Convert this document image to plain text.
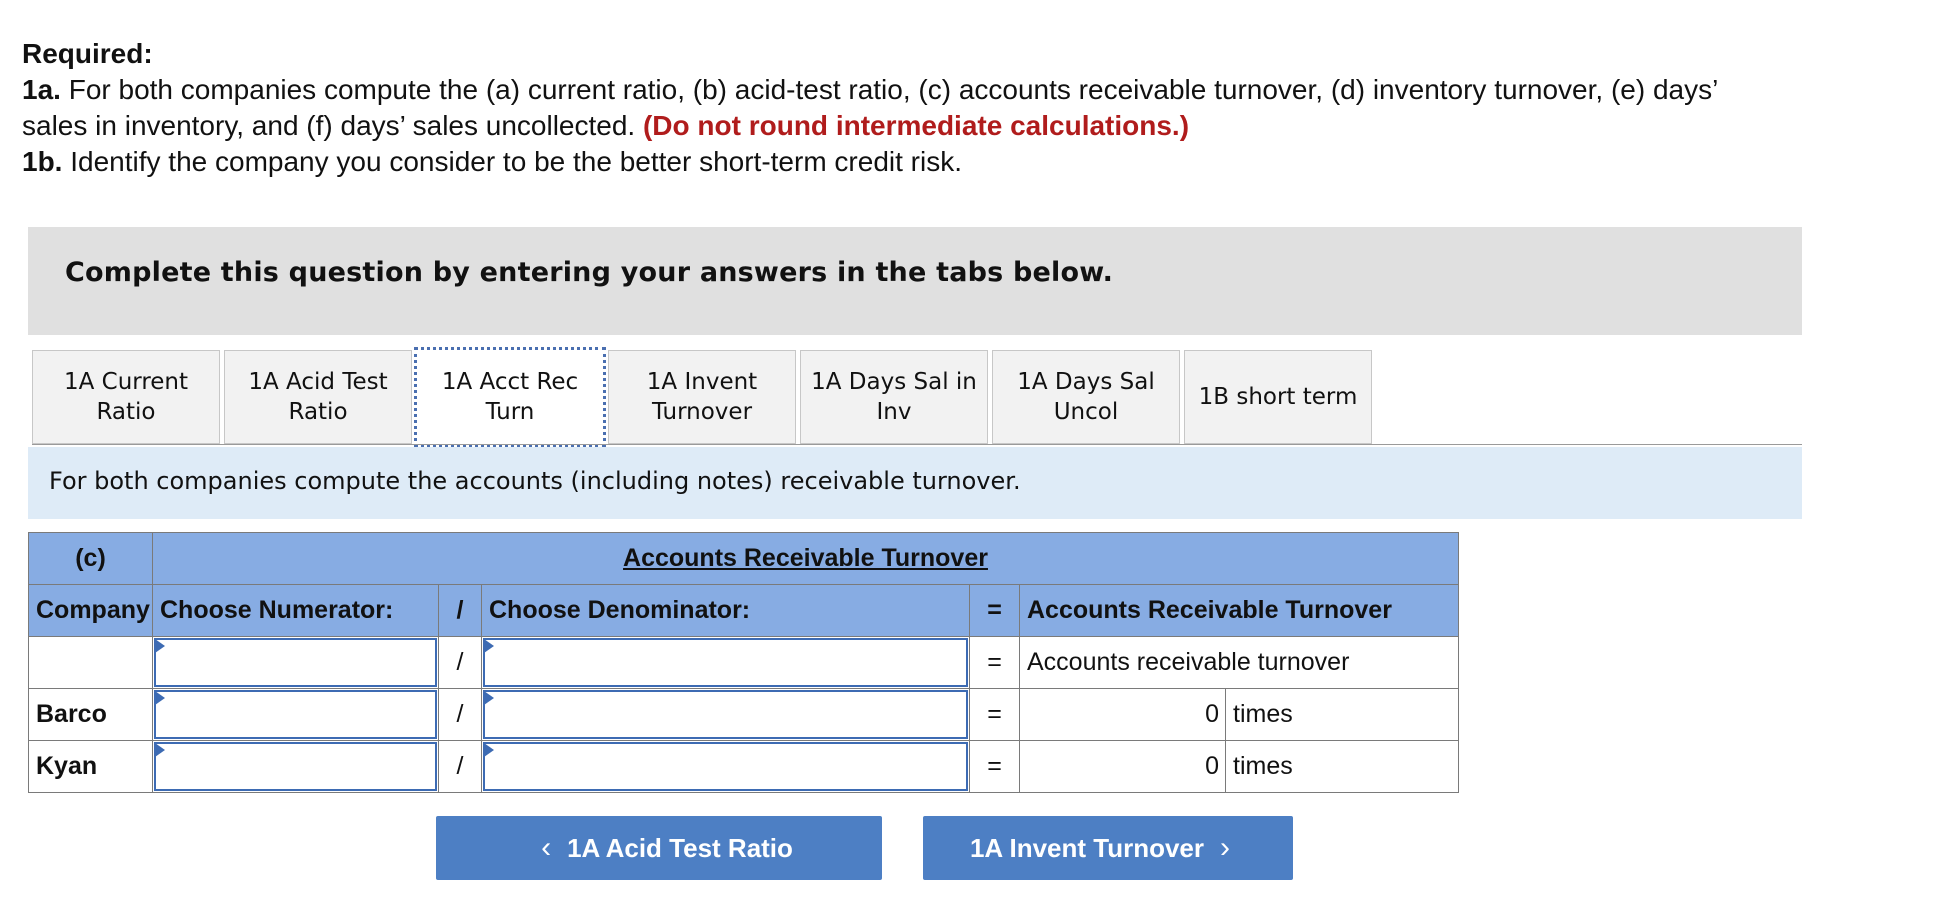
Required:
1a. For both companies compute the (a) current ratio, (b) acid-test ratio, (c) accounts receivable turnover, (d) inventory turnover, (e) days’
sales in inventory, and (f) days’ sales uncollected. (Do not round intermediate calculations.)
1b. Identify the company you consider to be the better short-term credit risk.
Complete this question by entering your answers in the tabs below.
1A Current
Ratio
1A Acid Test
Ratio
1A Acct Rec
Turn
1A Invent
Turnover
1A Days Sal in
Inv
1A Days Sal
Uncol
1B short term
For both companies compute the accounts (including notes) receivable turnover.
(c)	Accounts Receivable Turnover					
Company	Choose Numerator:	/	Choose Denominator:	=	Accounts Receivable Turnover	

	/		=	Accounts receivable turnover	
Barco		/		=	0	times
Kyan		/		=	0	times
‹ 1A Acid Test Ratio	1A Invent Turnover ›
